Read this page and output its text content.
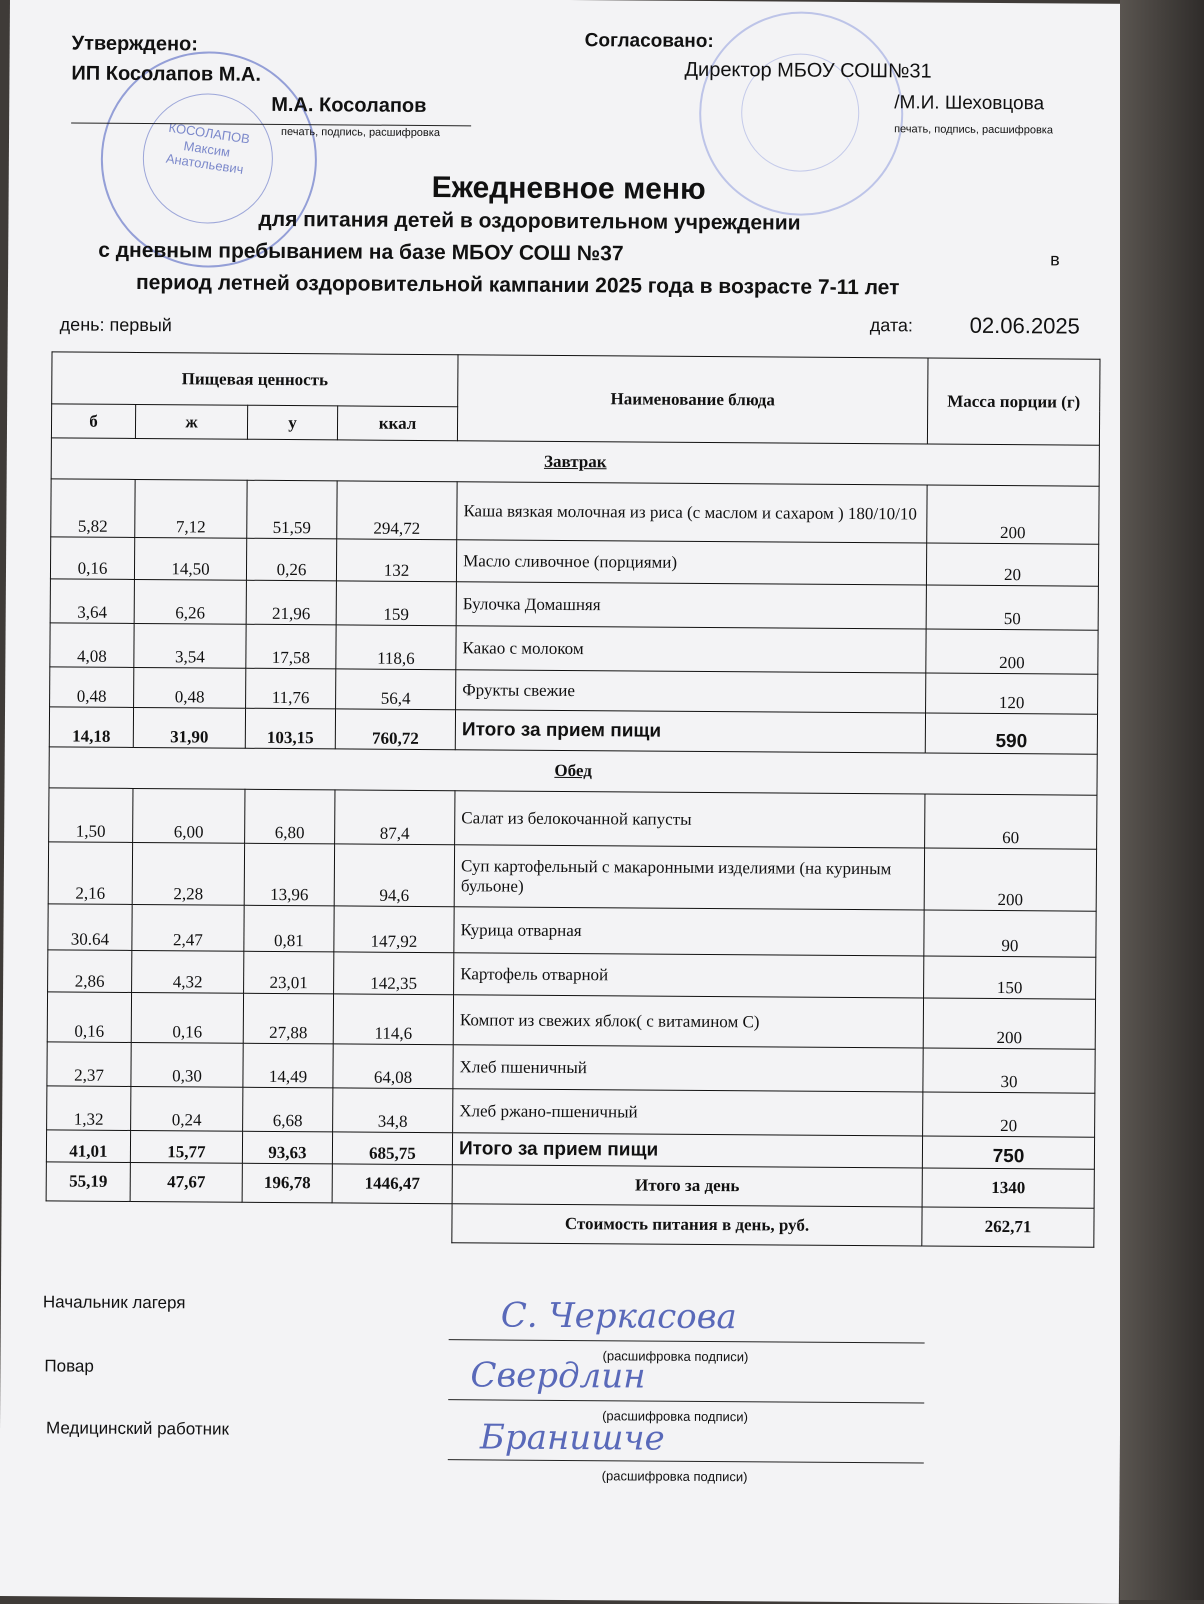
КОСОЛАПОВ Максим Анатольевич
Утверждено:
ИП Косолапов М.А.
М.А. Косолапов
печать, подпись, расшифровка
Согласовано:
Директор МБОУ СОШ№31
/М.И. Шеховцова
печать, подпись, расшифровка
Ежедневное меню
для питания детей в оздоровительном учреждении
с дневным пребыванием на базе МБОУ СОШ №37	в
период летней оздоровительной кампании 2025 года в возрасте 7-11 лет
день: первый	дата:	02.06.2025
Пищевая ценность				Наименование блюда	Масса порции (г)
б	ж	у	ккал		
Завтрак					
5,82	7,12	51,59	294,72	Каша вязкая молочная из риса (с маслом и сахаром ) 180/10/10	200
0,16	14,50	0,26	132	Масло сливочное (порциями)	20
3,64	6,26	21,96	159	Булочка Домашняя	50
4,08	3,54	17,58	118,6	Какао с молоком	200
0,48	0,48	11,76	56,4	Фрукты свежие	120
14,18	31,90	103,15	760,72	Итого за прием пищи	590
Обед					
1,50	6,00	6,80	87,4	Салат из белокочанной капусты	60
2,16	2,28	13,96	94,6	Суп картофельный с макаронными изделиями (на куриным бульоне)	200
30.64	2,47	0,81	147,92	Курица отварная	90
2,86	4,32	23,01	142,35	Картофель отварной	150
0,16	0,16	27,88	114,6	Компот из свежих яблок( с витамином С)	200
2,37	0,30	14,49	64,08	Хлеб пшеничный	30
1,32	0,24	6,68	34,8	Хлеб ржано-пшеничный	20
41,01	15,77	93,63	685,75	Итого за прием пищи	750
55,19	47,67	196,78	1446,47	Итого за день	1340
				Стоимость питания в день, руб.	262,71
Начальник лагеря	С. Черкасова
(расшифровка подписи)
Повар	Свердлин
(расшифровка подписи)
Медицинский работник	Бранишче
(расшифровка подписи)
